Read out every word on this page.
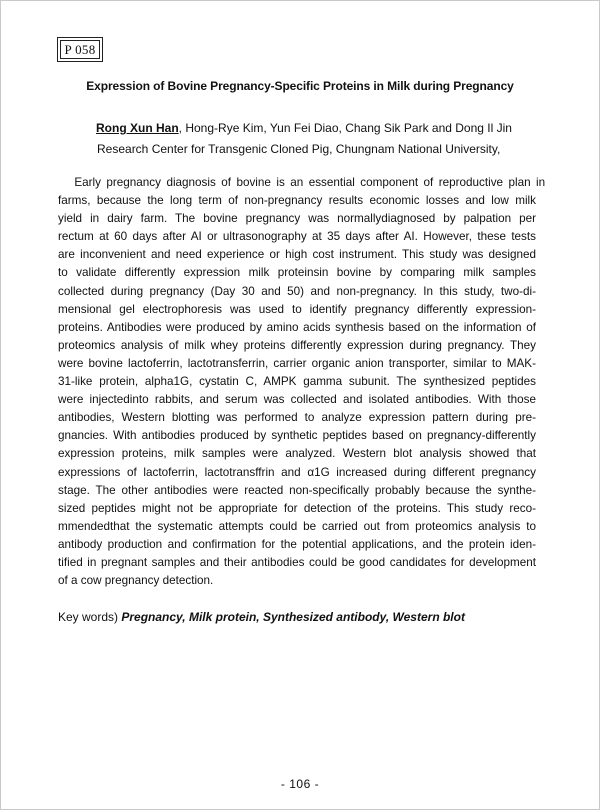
P 058
Expression of Bovine Pregnancy-Specific Proteins in Milk during Pregnancy
Rong Xun Han, Hong-Rye Kim, Yun Fei Diao, Chang Sik Park and Dong Il Jin
Research Center for Transgenic Cloned Pig, Chungnam National University,
Early pregnancy diagnosis of bovine is an essential component of reproductive plan in
farms, because the long term of non-pregnancy results economic losses and low milk
yield in dairy farm. The bovine pregnancy was normallydiagnosed by palpation per
rectum at 60 days after AI or ultrasonography at 35 days after AI. However, these tests
are inconvenient and need experience or high cost instrument. This study was designed
to validate differently expression milk proteinsin bovine by comparing milk samples
collected during pregnancy (Day 30 and 50) and non-pregnancy. In this study, two-di-
mensional gel electrophoresis was used to identify pregnancy differently expression-
proteins. Antibodies were produced by amino acids synthesis based on the information of
proteomics analysis of milk whey proteins differently expression during pregnancy. They
were bovine lactoferrin, lactotransferrin, carrier organic anion transporter, similar to MAK-
31-like protein, alpha1G, cystatin C, AMPK gamma subunit. The synthesized peptides
were injectedinto rabbits, and serum was collected and isolated antibodies. With those
antibodies, Western blotting was performed to analyze expression pattern during pre-
gnancies. With antibodies produced by synthetic peptides based on pregnancy-differently
expression proteins, milk samples were analyzed. Western blot analysis showed that
expressions of lactoferrin, lactotransffrin and α1G increased during different pregnancy
stage. The other antibodies were reacted non-specifically probably because the synthe-
sized peptides might not be appropriate for detection of the proteins. This study reco-
mmendedthat the systematic attempts could be carried out from proteomics analysis to
antibody production and confirmation for the potential applications, and the protein iden-
tified in pregnant samples and their antibodies could be good candidates for development
of a cow pregnancy detection.
Key words) Pregnancy, Milk protein, Synthesized antibody, Western blot
- 106 -
